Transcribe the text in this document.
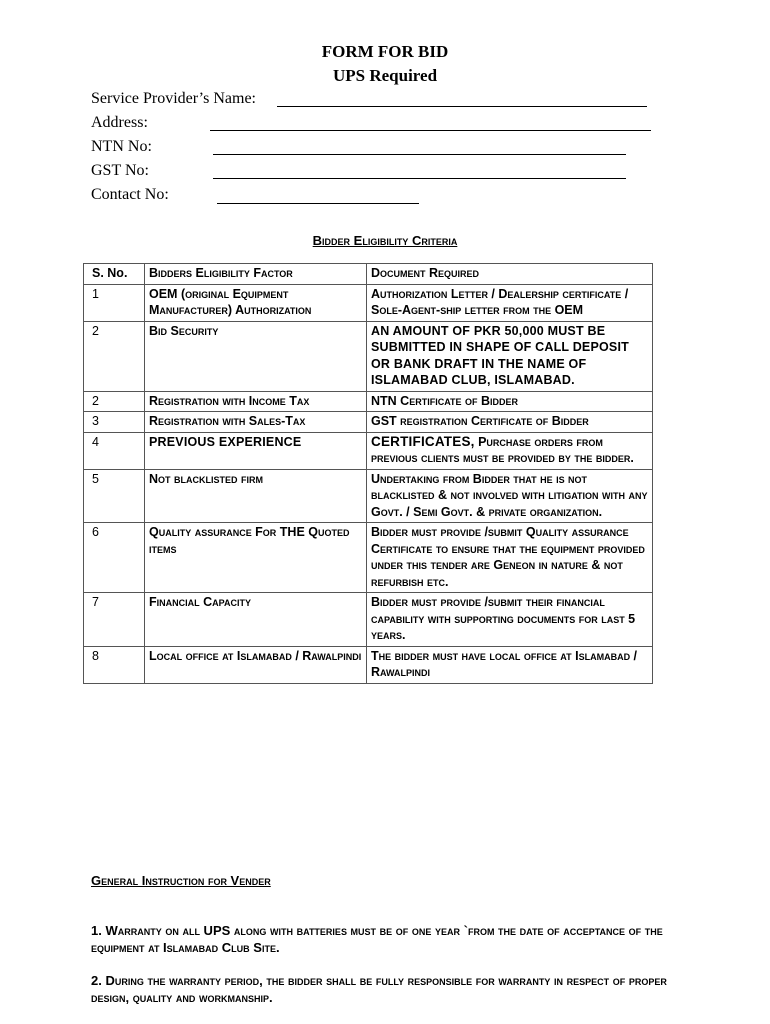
FORM FOR BID
UPS Required
Service Provider’s Name:
Address:
NTN No:
GST No:
Contact No:
Bidder Eligibility Criteria
S. No.	Bidders Eligibility Factor	Document Required
1	OEM (original Equipment Manufacturer) Authorization	Authorization Letter / Dealership certificate / Sole-Agent-ship letter from the OEM
2	Bid Security	AN AMOUNT OF PKR 50,000 MUST BE SUBMITTED IN SHAPE OF CALL DEPOSIT OR BANK DRAFT IN THE NAME OF ISLAMABAD CLUB, ISLAMABAD.
2	Registration with Income Tax	NTN Certificate of Bidder
3	Registration with Sales-Tax	GST registration Certificate of Bidder
4	PREVIOUS EXPERIENCE	CERTIFICATES, Purchase orders from previous clients must be provided by the bidder.
5	Not blacklisted firm	Undertaking from Bidder that he is not blacklisted & not involved with litigation with any Govt. / Semi Govt. & private organization.
6	Quality assurance For THE Quoted items	Bidder must provide /submit Quality assurance Certificate to ensure that the equipment provided under this tender are Geneon in nature & not refurbish etc.
7	Financial Capacity	Bidder must provide /submit their financial capability with supporting documents for last 5 years.
8	Local office at Islamabad / Rawalpindi	The bidder must have local office at Islamabad / Rawalpindi
General Instruction for Vender
1. Warranty on all UPS along with batteries must be of one year `from the date of acceptance of the equipment at Islamabad Club Site.
2. During the warranty period, the bidder shall be fully responsible for warranty in respect of proper design, quality and workmanship.
